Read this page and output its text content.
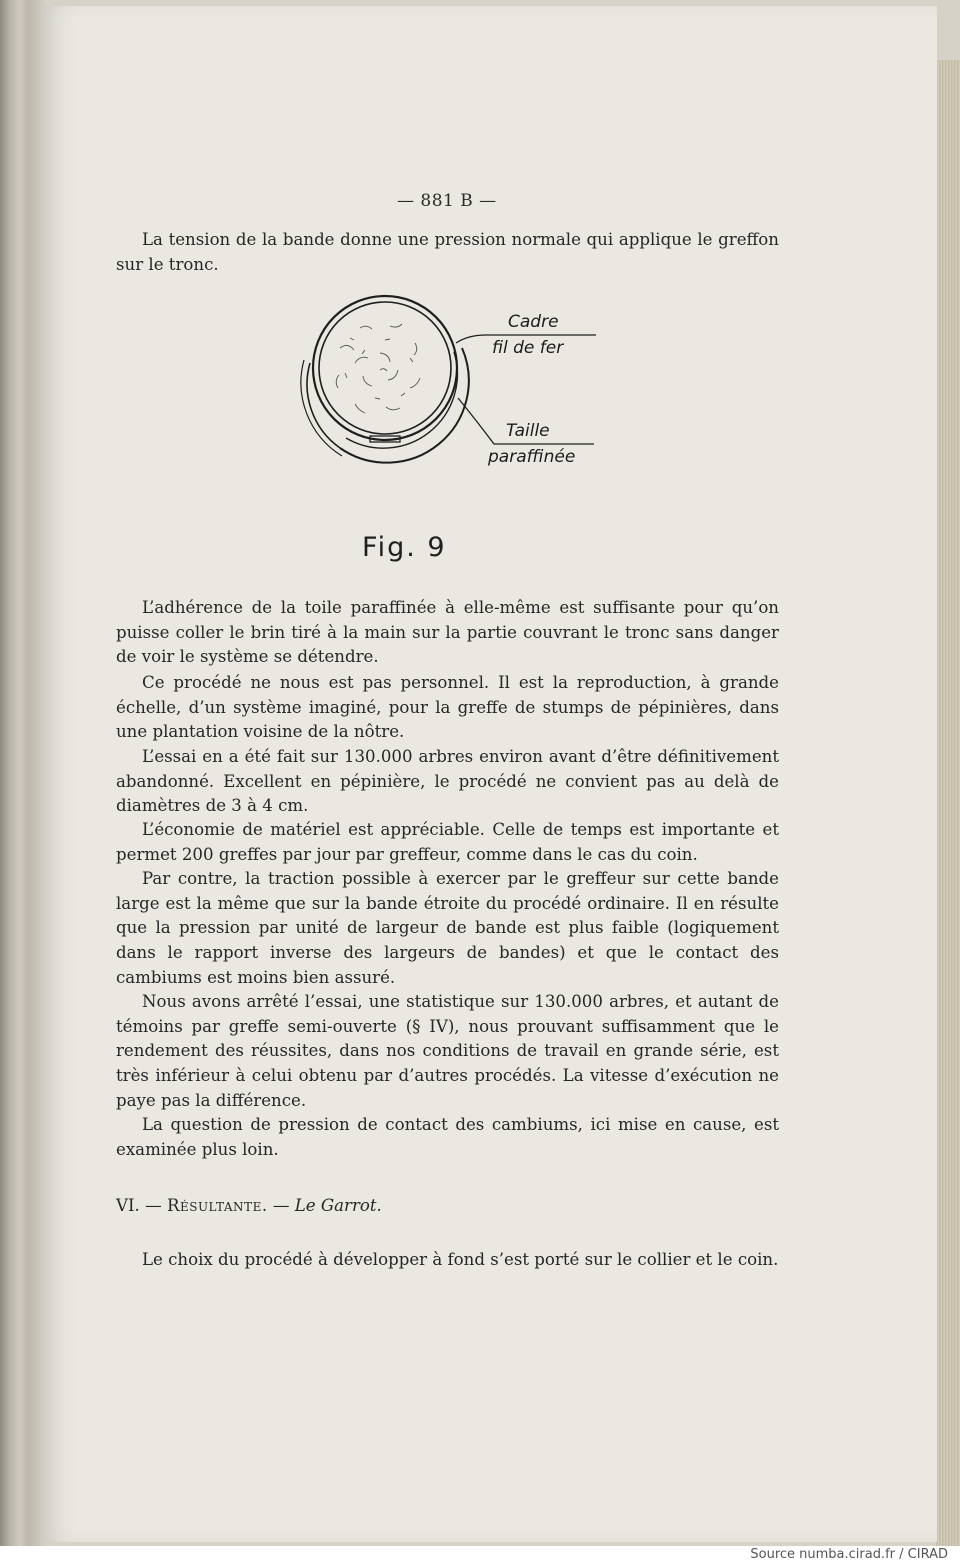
— 881 B —

La tension de la bande donne une pression normale qui applique le greffon sur le tronc.

Cadre
fil de fer
Taille
paraffinée
Fig. 9

L’adhérence de la toile paraffinée à elle-même est suffisante pour qu’on puisse coller le brin tiré à la main sur la partie couvrant le tronc sans danger de voir le système se détendre.

Ce procédé ne nous est pas personnel. Il est la reproduction, à grande échelle, d’un système imaginé, pour la greffe de stumps de pépinières, dans une plantation voisine de la nôtre.

L’essai en a été fait sur 130.000 arbres environ avant d’être définitivement abandonné. Excellent en pépinière, le procédé ne convient pas au delà de diamètres de 3 à 4 cm.

L’économie de matériel est appréciable. Celle de temps est importante et permet 200 greffes par jour par greffeur, comme dans le cas du coin.

Par contre, la traction possible à exercer par le greffeur sur cette bande large est la même que sur la bande étroite du procédé ordinaire. Il en résulte que la pression par unité de largeur de bande est plus faible (logiquement dans le rapport inverse des largeurs de bandes) et que le contact des cambiums est moins bien assuré.

Nous avons arrêté l’essai, une statistique sur 130.000 arbres, et autant de témoins par greffe semi-ouverte (§ IV), nous prouvant suffisamment que le rendement des réussites, dans nos conditions de travail en grande série, est très inférieur à celui obtenu par d’autres procédés. La vitesse d’exécution ne paye pas la différence.

La question de pression de contact des cambiums, ici mise en cause, est examinée plus loin.

VI. — Résultante. — Le Garrot.

Le choix du procédé à développer à fond s’est porté sur le collier et le coin.

Source numba.cirad.fr / CIRAD
